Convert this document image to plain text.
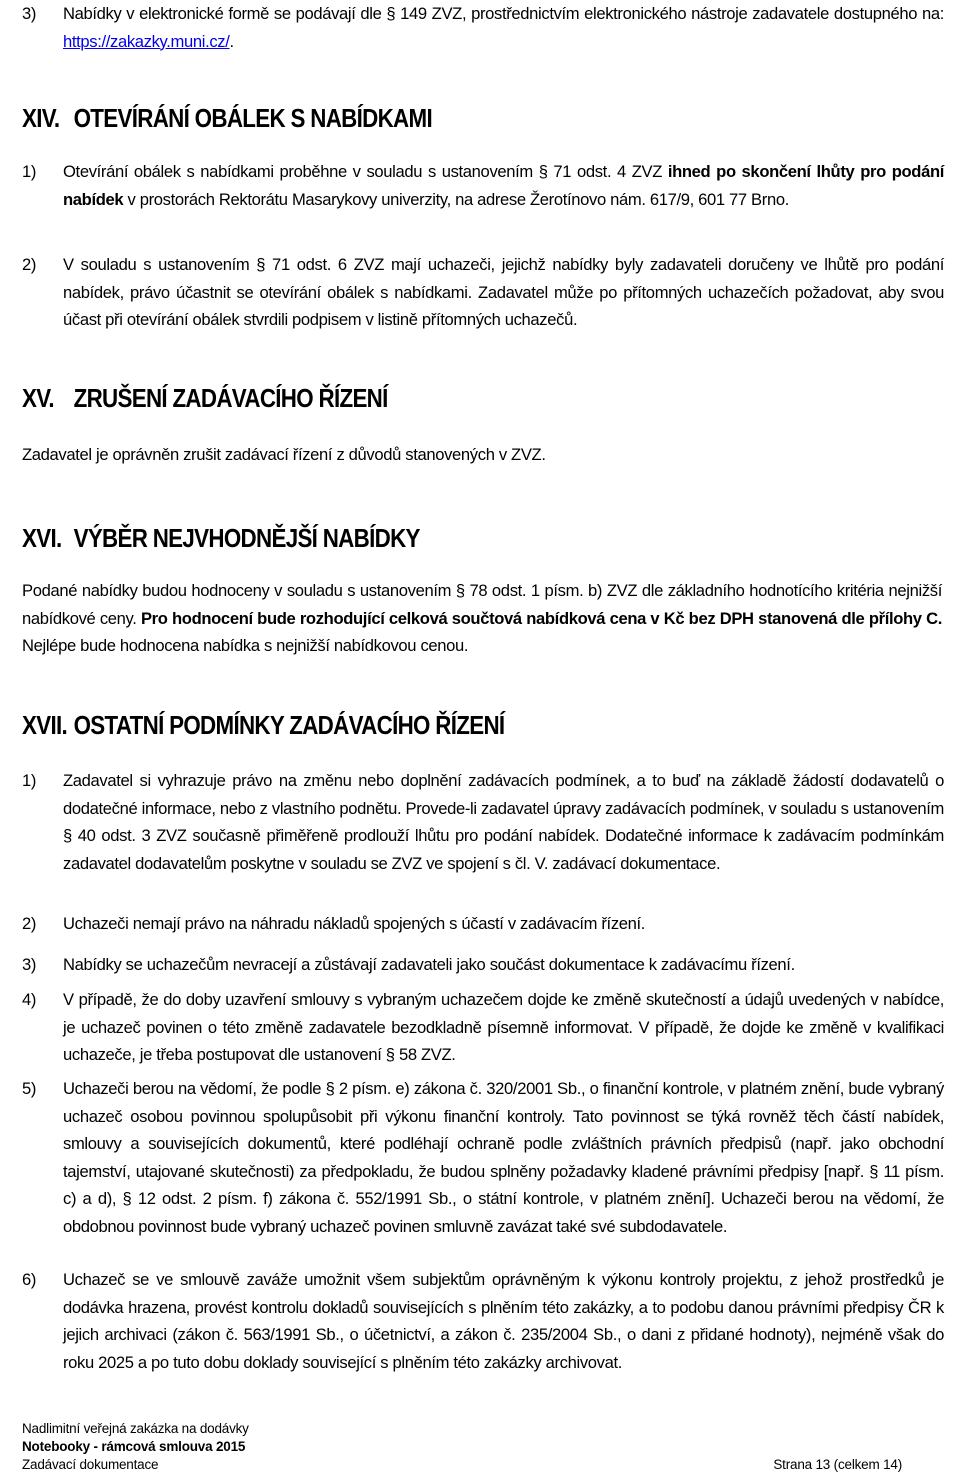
3)	Nabídky v elektronické formě se podávají dle § 149 ZVZ, prostřednictvím elektronického nástroje zadavatele dostupného na: https://zakazky.muni.cz/.
XIV. OTEVÍRÁNÍ OBÁLEK S NABÍDKAMI
1)	Otevírání obálek s nabídkami proběhne v souladu s ustanovením § 71 odst. 4 ZVZ ihned po skončení lhůty pro podání nabídek v prostorách Rektorátu Masarykovy univerzity, na adrese Žerotínovo nám. 617/9, 601 77 Brno.
2)	V souladu s ustanovením § 71 odst. 6 ZVZ mají uchazeči, jejichž nabídky byly zadavateli doručeny ve lhůtě pro podání nabídek, právo účastnit se otevírání obálek s nabídkami. Zadavatel může po přítomných uchazečích požadovat, aby svou účast při otevírání obálek stvrdili podpisem v listině přítomných uchazečů.
XV. ZRUŠENÍ ZADÁVACÍHO ŘÍZENÍ
Zadavatel je oprávněn zrušit zadávací řízení z důvodů stanovených v ZVZ.
XVI. VÝBĚR NEJVHODNĚJŠÍ NABÍDKY
Podané nabídky budou hodnoceny v souladu s ustanovením § 78 odst. 1 písm. b) ZVZ dle základního hodnotícího kritéria nejnižší nabídkové ceny. Pro hodnocení bude rozhodující celková součtová nabídková cena v Kč bez DPH stanovená dle přílohy C. Nejlépe bude hodnocena nabídka s nejnižší nabídkovou cenou.
XVII. OSTATNÍ PODMÍNKY ZADÁVACÍHO ŘÍZENÍ
1)	Zadavatel si vyhrazuje právo na změnu nebo doplnění zadávacích podmínek, a to buď na základě žádostí dodavatelů o dodatečné informace, nebo z vlastního podnětu. Provede-li zadavatel úpravy zadávacích podmínek, v souladu s ustanovením § 40 odst. 3 ZVZ současně přiměřeně prodlouží lhůtu pro podání nabídek. Dodatečné informace k zadávacím podmínkám zadavatel dodavatelům poskytne v souladu se ZVZ ve spojení s čl. V. zadávací dokumentace.
2)	Uchazeči nemají právo na náhradu nákladů spojených s účastí v zadávacím řízení.
3)	Nabídky se uchazečům nevracejí a zůstávají zadavateli jako součást dokumentace k zadávacímu řízení.
4)	V případě, že do doby uzavření smlouvy s vybraným uchazečem dojde ke změně skutečností a údajů uvedených v nabídce, je uchazeč povinen o této změně zadavatele bezodkladně písemně informovat. V případě, že dojde ke změně v kvalifikaci uchazeče, je třeba postupovat dle ustanovení § 58 ZVZ.
5)	Uchazeči berou na vědomí, že podle § 2 písm. e) zákona č. 320/2001 Sb., o finanční kontrole, v platném znění, bude vybraný uchazeč osobou povinnou spolupůsobit při výkonu finanční kontroly. Tato povinnost se týká rovněž těch částí nabídek, smlouvy a souvisejících dokumentů, které podléhají ochraně podle zvláštních právních předpisů (např. jako obchodní tajemství, utajované skutečnosti) za předpokladu, že budou splněny požadavky kladené právními předpisy [např. § 11 písm. c) a d), § 12 odst. 2 písm. f) zákona č. 552/1991 Sb., o státní kontrole, v platném znění]. Uchazeči berou na vědomí, že obdobnou povinnost bude vybraný uchazeč povinen smluvně zavázat také své subdodavatele.
6)	Uchazeč se ve smlouvě zaváže umožnit všem subjektům oprávněným k výkonu kontroly projektu, z jehož prostředků je dodávka hrazena, provést kontrolu dokladů souvisejících s plněním této zakázky, a to podobu danou právními předpisy ČR k jejich archivaci (zákon č. 563/1991 Sb., o účetnictví, a zákon č. 235/2004 Sb., o dani z přidané hodnoty), nejméně však do roku 2025 a po tuto dobu doklady související s plněním této zakázky archivovat.
Nadlimitní veřejná zakázka na dodávky
Notebooky - rámcová smlouva 2015
Zadávací dokumentace	Strana 13 (celkem 14)
